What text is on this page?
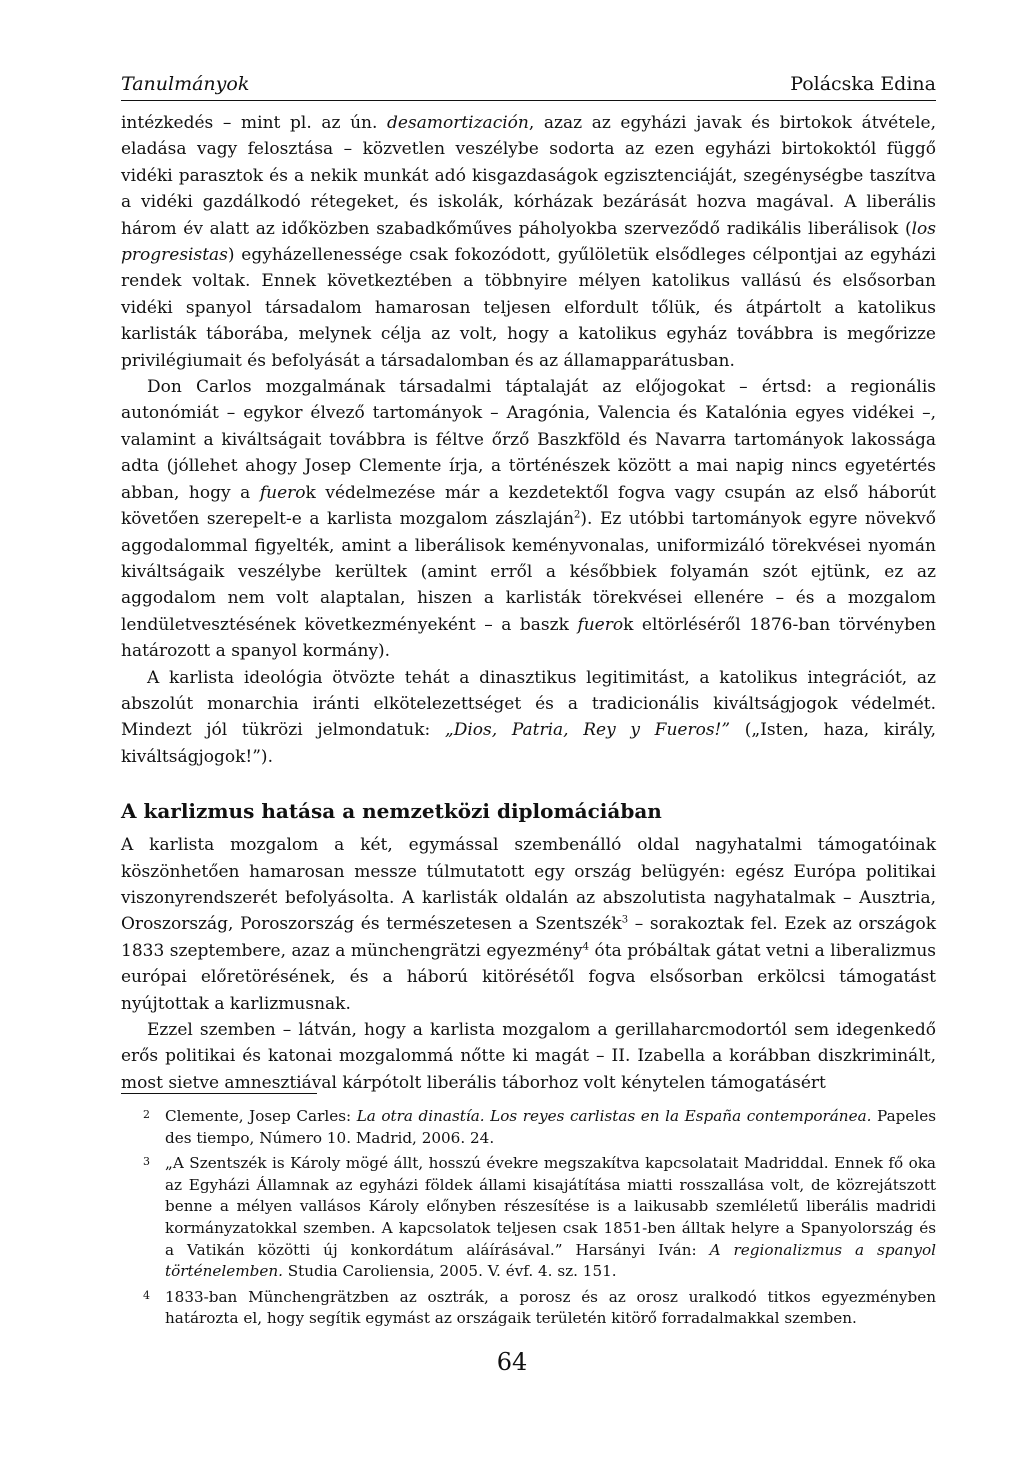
Tanulmányok	Polácska Edina

intézkedés – mint pl. az ún. desamortización, azaz az egyházi javak és birtokok átvétele, eladása vagy felosztása – közvetlen veszélybe sodorta az ezen egyházi birtokoktól függő vidéki parasztok és a nekik munkát adó kisgazdaságok egzisztenciáját, szegénységbe taszítva a vidéki gazdálkodó rétegeket, és iskolák, kórházak bezárását hozva magával. A liberális három év alatt az időközben szabadkőműves páholyokba szerveződő radikális liberálisok (los progresistas) egyházellenessége csak fokozódott, gyűlöletük elsődleges célpontjai az egyházi rendek voltak. Ennek következtében a többnyire mélyen katolikus vallású és elsősorban vidéki spanyol társadalom hamarosan teljesen elfordult tőlük, és átpártolt a katolikus karlisták táborába, melynek célja az volt, hogy a katolikus egyház továbbra is megőrizze privilégiumait és befolyását a társadalomban és az államapparátusban.

Don Carlos mozgalmának társadalmi táptalaját az előjogokat – értsd: a regionális autonómiát – egykor élvező tartományok – Aragónia, Valencia és Katalónia egyes vidékei –, valamint a kiváltságait továbbra is féltve őrző Baszkföld és Navarra tartományok lakossága adta (jóllehet ahogy Josep Clemente írja, a történészek között a mai napig nincs egyetértés abban, hogy a fuerok védelmezése már a kezdetektől fogva vagy csupán az első háborút követően szerepelt-e a karlista mozgalom zászlaján$^2$). Ez utóbbi tartományok egyre növekvő aggodalommal figyelték, amint a liberálisok keményvonalas, uniformizáló törekvései nyomán kiváltságaik veszélybe kerültek (amint erről a későbbiek folyamán szót ejtünk, ez az aggodalom nem volt alaptalan, hiszen a karlisták törekvései ellenére – és a mozgalom lendületvesztésének következményeként – a baszk fuerok eltörléséről 1876-ban törvényben határozott a spanyol kormány).

A karlista ideológia ötvözte tehát a dinasztikus legitimitást, a katolikus integrációt, az abszolút monarchia iránti elkötelezettséget és a tradicionális kiváltságjogok védelmét. Mindezt jól tükrözi jelmondatuk: „Dios, Patria, Rey y Fueros!” („Isten, haza, király, kiváltságjogok!”).

A karlizmus hatása a nemzetközi diplomáciában

A karlista mozgalom a két, egymással szembenálló oldal nagyhatalmi támogatóinak köszönhetően hamarosan messze túlmutatott egy ország belügyén: egész Európa politikai viszonyrendszerét befolyásolta. A karlisták oldalán az abszolutista nagyhatalmak – Ausztria, Oroszország, Poroszország és természetesen a Szentszék$^3$ – sorakoztak fel. Ezek az országok 1833 szeptembere, azaz a münchengrätzi egyezmény$^4$ óta próbáltak gátat vetni a liberalizmus európai előretörésének, és a háború kitörésétől fogva elsősorban erkölcsi támogatást nyújtottak a karlizmusnak.

Ezzel szemben – látván, hogy a karlista mozgalom a gerillaharcmodortól sem idegenkedő erős politikai és katonai mozgalommá nőtte ki magát – II. Izabella a korábban diszkriminált, most sietve amnesztiával kárpótolt liberális táborhoz volt kénytelen támogatásért

2 Clemente, Josep Carles: La otra dinastía. Los reyes carlistas en la España contemporánea. Papeles des tiempo, Número 10. Madrid, 2006. 24.
3 „A Szentszék is Károly mögé állt, hosszú évekre megszakítva kapcsolatait Madriddal. Ennek fő oka az Egyházi Államnak az egyházi földek állami kisajátítása miatti rosszallása volt, de közrejátszott benne a mélyen vallásos Károly előnyben részesítése is a laikusabb szemléletű liberális madridi kormányzatokkal szemben. A kapcsolatok teljesen csak 1851-ben álltak helyre a Spanyolország és a Vatikán közötti új konkordátum aláírásával.” Harsányi Iván: A regionalizmus a spanyol történelemben. Studia Caroliensia, 2005. V. évf. 4. sz. 151.
4 1833-ban Münchengrätzben az osztrák, a porosz és az orosz uralkodó titkos egyezményben határozta el, hogy segítik egymást az országaik területén kitörő forradalmakkal szemben.
64
